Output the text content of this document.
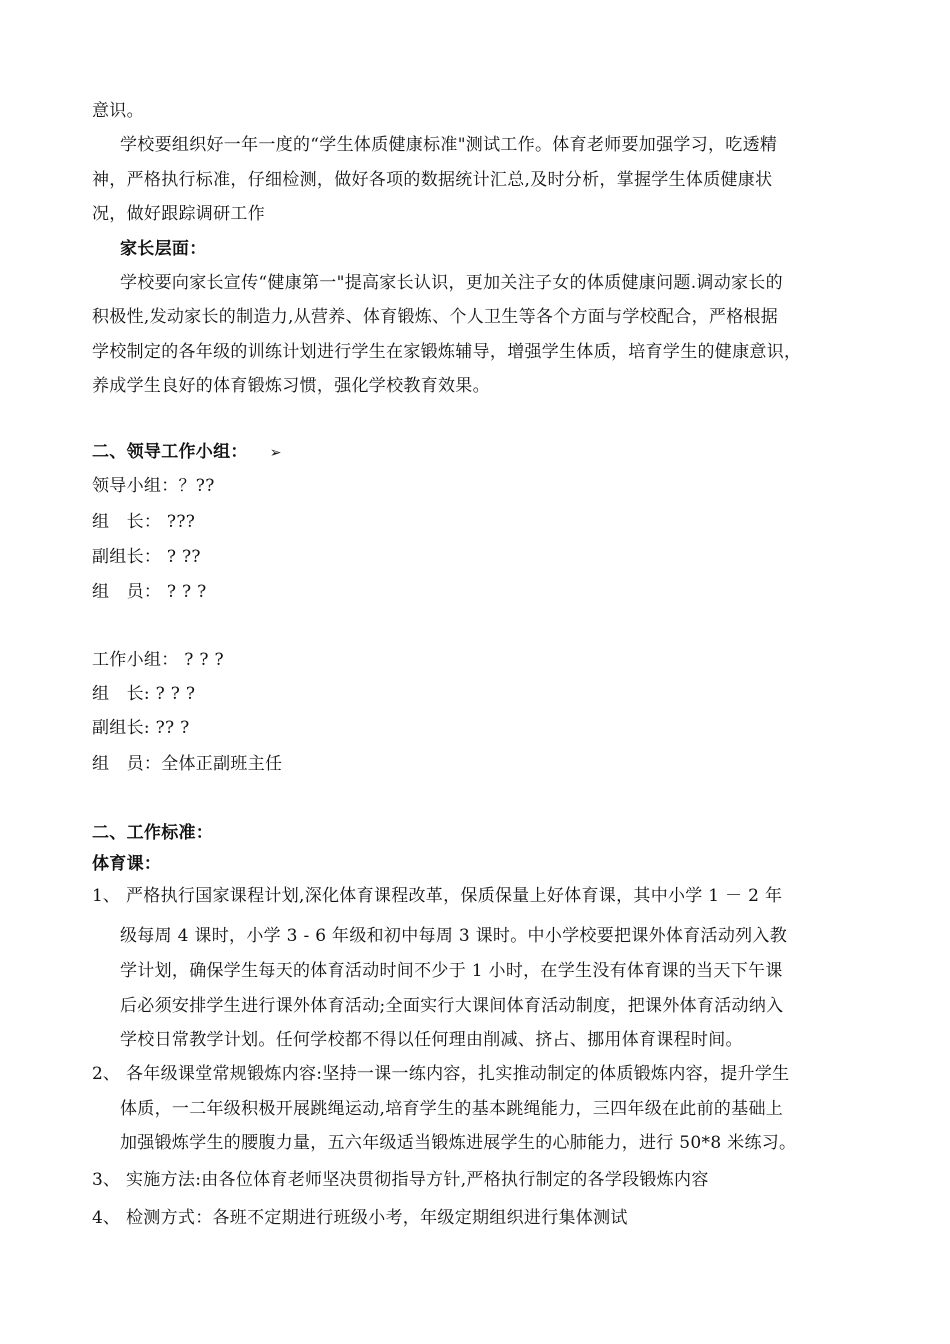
意识。
学校要组织好一年一度的“学生体质健康标准"测试工作。体育老师要加强学习，吃透精
神，严格执行标准，仔细检测，做好各项的数据统计汇总,及时分析，掌握学生体质健康状
况，做好跟踪调研工作
家长层面：
学校要向家长宣传“健康第一"提高家长认识，更加关注子女的体质健康问题.调动家长的
积极性,发动家长的制造力,从营养、体育锻炼、个人卫生等各个方面与学校配合，严格根据
学校制定的各年级的训练计划进行学生在家锻炼辅导，增强学生体质，培育学生的健康意识，
养成学生良好的体育锻炼习惯，强化学校教育效果。
二、领导工作小组： ➢
领导小组：？??
组　长： ???
副组长： ? ??
组　员： ? ? ?
工作小组： ? ? ?
组　长: ? ? ?
副组长: ?? ?
组　员：全体正副班主任
二、工作标准：
体育课：
1、 严格执行国家课程计划,深化体育课程改革，保质保量上好体育课，其中小学 1 － 2 年
级每周 4 课时，小学 3 - 6 年级和初中每周 3 课时。中小学校要把课外体育活动列入教
学计划，确保学生每天的体育活动时间不少于 1 小时，在学生没有体育课的当天下午课
后必须安排学生进行课外体育活动;全面实行大课间体育活动制度，把课外体育活动纳入
学校日常教学计划。任何学校都不得以任何理由削减、挤占、挪用体育课程时间。
2、 各年级课堂常规锻炼内容:坚持一课一练内容，扎实推动制定的体质锻炼内容，提升学生
体质，一二年级积极开展跳绳运动,培育学生的基本跳绳能力，三四年级在此前的基础上
加强锻炼学生的腰腹力量，五六年级适当锻炼进展学生的心肺能力，进行 50*8 米练习。
3、 实施方法:由各位体育老师坚决贯彻指导方针,严格执行制定的各学段锻炼内容
4、 检测方式：各班不定期进行班级小考，年级定期组织进行集体测试
